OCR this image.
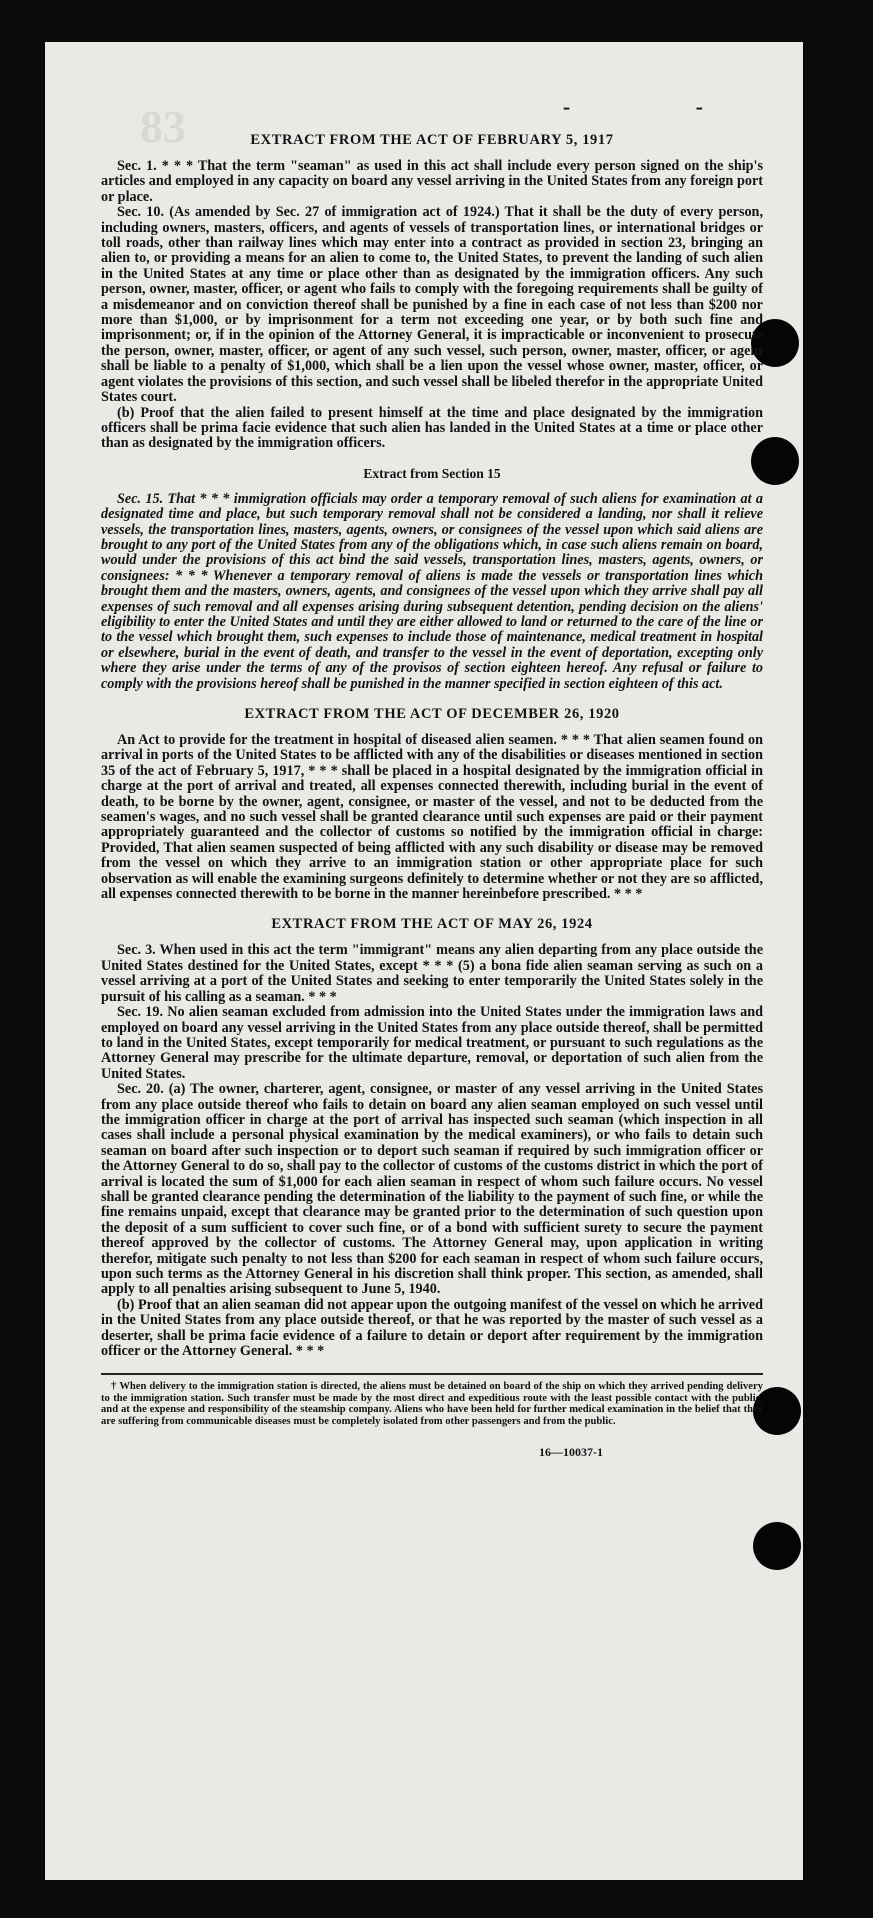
83	- -
EXTRACT FROM THE ACT OF FEBRUARY 5, 1917

Sec. 1. * * * That the term "seaman" as used in this act shall include every person signed on the ship's articles and employed in any capacity on board any vessel arriving in the United States from any foreign port or place.

Sec. 10. (As amended by Sec. 27 of immigration act of 1924.) That it shall be the duty of every person, including owners, masters, officers, and agents of vessels of transportation lines, or international bridges or toll roads, other than railway lines which may enter into a contract as provided in section 23, bringing an alien to, or providing a means for an alien to come to, the United States, to prevent the landing of such alien in the United States at any time or place other than as designated by the immigration officers. Any such person, owner, master, officer, or agent who fails to comply with the foregoing requirements shall be guilty of a misdemeanor and on conviction thereof shall be punished by a fine in each case of not less than $200 nor more than $1,000, or by imprisonment for a term not exceeding one year, or by both such fine and imprisonment; or, if in the opinion of the Attorney General, it is impracticable or inconvenient to prosecute the person, owner, master, officer, or agent of any such vessel, such person, owner, master, officer, or agent shall be liable to a penalty of $1,000, which shall be a lien upon the vessel whose owner, master, officer, or agent violates the provisions of this section, and such vessel shall be libeled therefor in the appropriate United States court.

(b) Proof that the alien failed to present himself at the time and place designated by the immigration officers shall be prima facie evidence that such alien has landed in the United States at a time or place other than as designated by the immigration officers.

Extract from Section 15

Sec. 15. That * * * immigration officials may order a temporary removal of such aliens for examination at a designated time and place, but such temporary removal shall not be considered a landing, nor shall it relieve vessels, the transportation lines, masters, agents, owners, or consignees of the vessel upon which said aliens are brought to any port of the United States from any of the obligations which, in case such aliens remain on board, would under the provisions of this act bind the said vessels, transportation lines, masters, agents, owners, or consignees: * * * Whenever a temporary removal of aliens is made the vessels or transportation lines which brought them and the masters, owners, agents, and consignees of the vessel upon which they arrive shall pay all expenses of such removal and all expenses arising during subsequent detention, pending decision on the aliens' eligibility to enter the United States and until they are either allowed to land or returned to the care of the line or to the vessel which brought them, such expenses to include those of maintenance, medical treatment in hospital or elsewhere, burial in the event of death, and transfer to the vessel in the event of deportation, excepting only where they arise under the terms of any of the provisos of section eighteen hereof. Any refusal or failure to comply with the provisions hereof shall be punished in the manner specified in section eighteen of this act.

EXTRACT FROM THE ACT OF DECEMBER 26, 1920

An Act to provide for the treatment in hospital of diseased alien seamen. * * * That alien seamen found on arrival in ports of the United States to be afflicted with any of the disabilities or diseases mentioned in section 35 of the act of February 5, 1917, * * * shall be placed in a hospital designated by the immigration official in charge at the port of arrival and treated, all expenses connected therewith, including burial in the event of death, to be borne by the owner, agent, consignee, or master of the vessel, and not to be deducted from the seamen's wages, and no such vessel shall be granted clearance until such expenses are paid or their payment appropriately guaranteed and the collector of customs so notified by the immigration official in charge: Provided, That alien seamen suspected of being afflicted with any such disability or disease may be removed from the vessel on which they arrive to an immigration station or other appropriate place for such observation as will enable the examining surgeons definitely to determine whether or not they are so afflicted, all expenses connected therewith to be borne in the manner hereinbefore prescribed. * * *

EXTRACT FROM THE ACT OF MAY 26, 1924

Sec. 3. When used in this act the term "immigrant" means any alien departing from any place outside the United States destined for the United States, except * * * (5) a bona fide alien seaman serving as such on a vessel arriving at a port of the United States and seeking to enter temporarily the United States solely in the pursuit of his calling as a seaman. * * *

Sec. 19. No alien seaman excluded from admission into the United States under the immigration laws and employed on board any vessel arriving in the United States from any place outside thereof, shall be permitted to land in the United States, except temporarily for medical treatment, or pursuant to such regulations as the Attorney General may prescribe for the ultimate departure, removal, or deportation of such alien from the United States.

Sec. 20. (a) The owner, charterer, agent, consignee, or master of any vessel arriving in the United States from any place outside thereof who fails to detain on board any alien seaman employed on such vessel until the immigration officer in charge at the port of arrival has inspected such seaman (which inspection in all cases shall include a personal physical examination by the medical examiners), or who fails to detain such seaman on board after such inspection or to deport such seaman if required by such immigration officer or the Attorney General to do so, shall pay to the collector of customs of the customs district in which the port of arrival is located the sum of $1,000 for each alien seaman in respect of whom such failure occurs. No vessel shall be granted clearance pending the determination of the liability to the payment of such fine, or while the fine remains unpaid, except that clearance may be granted prior to the determination of such question upon the deposit of a sum sufficient to cover such fine, or of a bond with sufficient surety to secure the payment thereof approved by the collector of customs. The Attorney General may, upon application in writing therefor, mitigate such penalty to not less than $200 for each seaman in respect of whom such failure occurs, upon such terms as the Attorney General in his discretion shall think proper. This section, as amended, shall apply to all penalties arising subsequent to June 5, 1940.

(b) Proof that an alien seaman did not appear upon the outgoing manifest of the vessel on which he arrived in the United States from any place outside thereof, or that he was reported by the master of such vessel as a deserter, shall be prima facie evidence of a failure to detain or deport after requirement by the immigration officer or the Attorney General. * * *

† When delivery to the immigration station is directed, the aliens must be detained on board of the ship on which they arrived pending delivery to the immigration station. Such transfer must be made by the most direct and expeditious route with the least possible contact with the public, and at the expense and responsibility of the steamship company. Aliens who have been held for further medical examination in the belief that they are suffering from communicable diseases must be completely isolated from other passengers and from the public.

16—10037-1
